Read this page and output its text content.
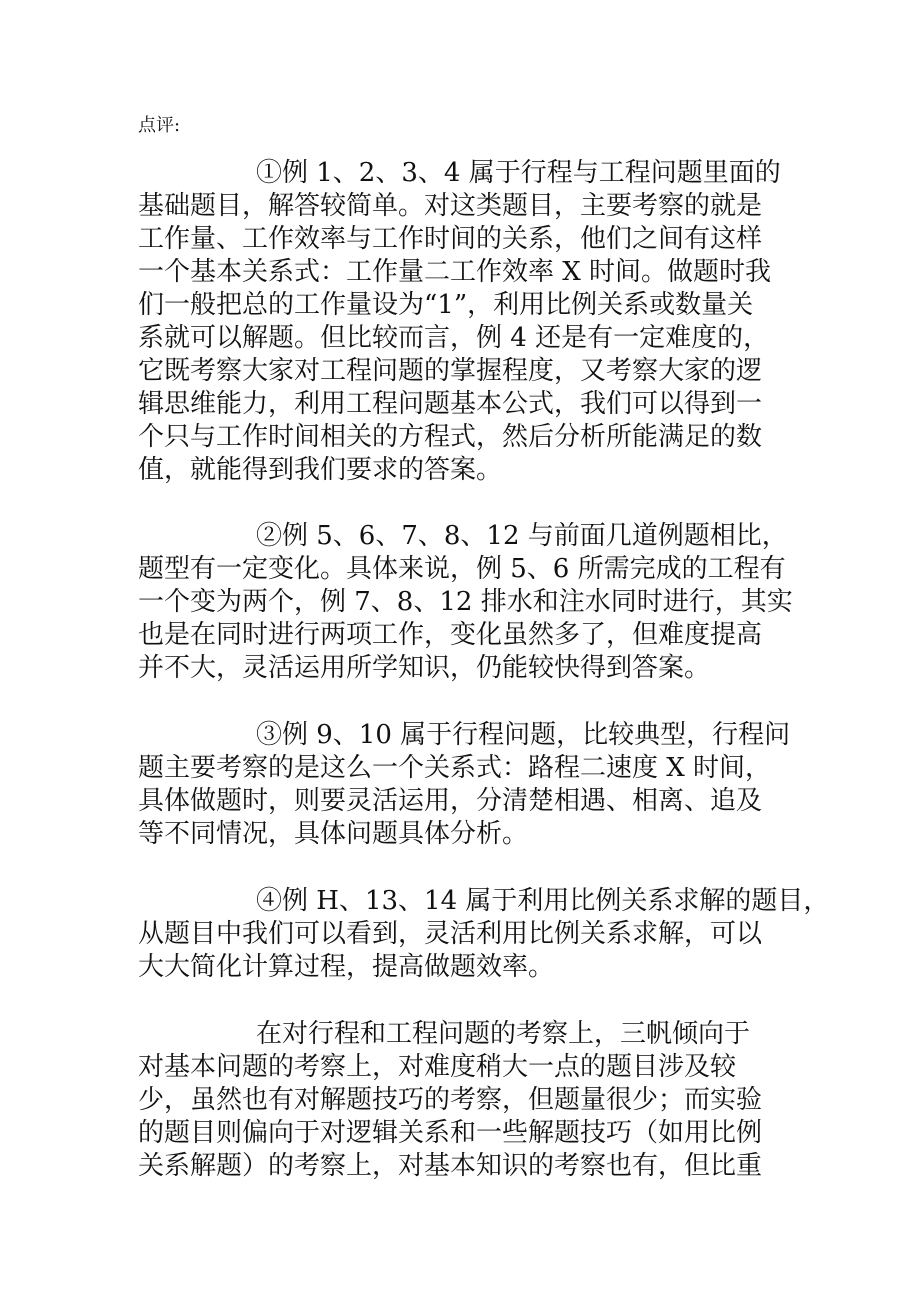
点评:
①例 1、2、3、4 属于行程与工程问题里面的
基础题目，解答较简单。对这类题目，主要考察的就是
工作量、工作效率与工作时间的关系，他们之间有这样
一个基本关系式：工作量二工作效率 X 时间。做题时我
们一般把总的工作量设为“1”，利用比例关系或数量关
系就可以解题。但比较而言，例 4 还是有一定难度的，
它既考察大家对工程问题的掌握程度，又考察大家的逻
辑思维能力，利用工程问题基本公式，我们可以得到一
个只与工作时间相关的方程式，然后分析所能满足的数
值，就能得到我们要求的答案。
②例 5、6、7、8、12 与前面几道例题相比，
题型有一定变化。具体来说，例 5、6 所需完成的工程有
一个变为两个，例 7、8、12 排水和注水同时进行，其实
也是在同时进行两项工作，变化虽然多了，但难度提高
并不大，灵活运用所学知识，仍能较快得到答案。
③例 9、10 属于行程问题，比较典型，行程问
题主要考察的是这么一个关系式：路程二速度 X 时间，
具体做题时，则要灵活运用，分清楚相遇、相离、追及
等不同情况，具体问题具体分析。
④例 H、13、14 属于利用比例关系求解的题目，
从题目中我们可以看到，灵活利用比例关系求解，可以
大大简化计算过程，提高做题效率。
在对行程和工程问题的考察上，三帆倾向于
对基本问题的考察上，对难度稍大一点的题目涉及较
少，虽然也有对解题技巧的考察，但题量很少；而实验
的题目则偏向于对逻辑关系和一些解题技巧（如用比例
关系解题）的考察上，对基本知识的考察也有，但比重
